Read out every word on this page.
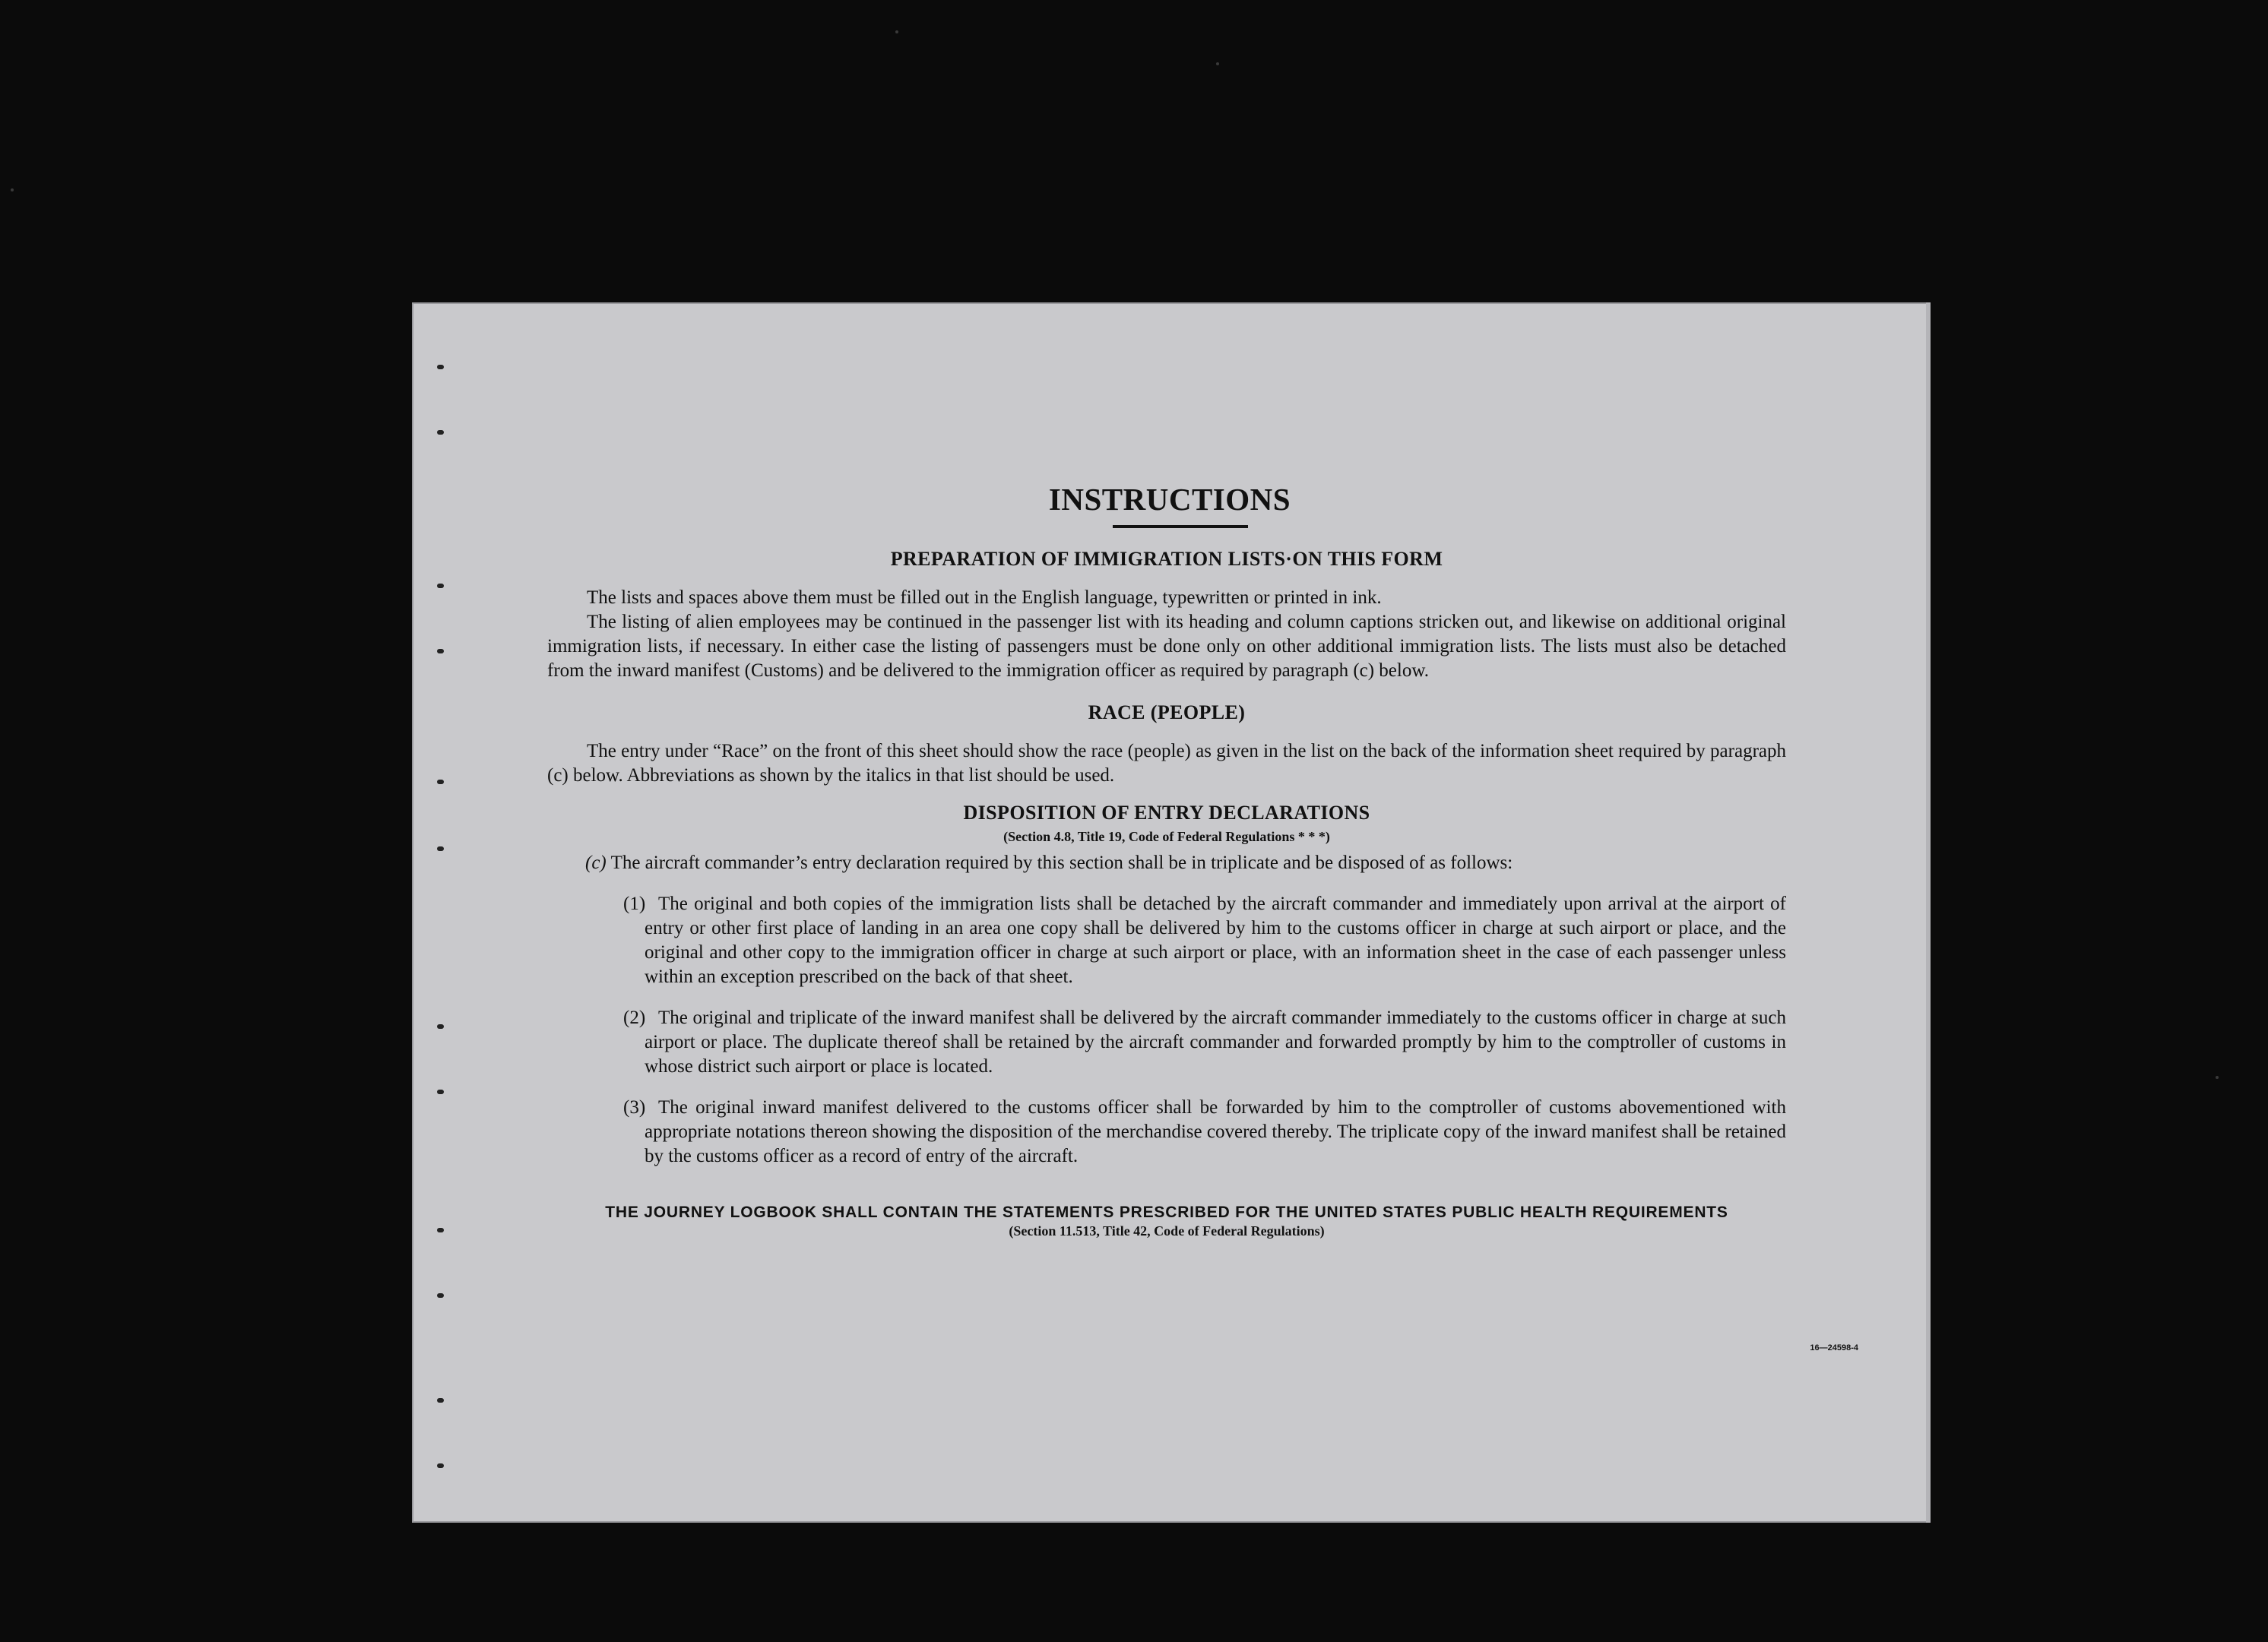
INSTRUCTIONS
PREPARATION OF IMMIGRATION LISTS·ON THIS FORM

The lists and spaces above them must be filled out in the English language, typewritten or printed in ink.

The listing of alien employees may be continued in the passenger list with its heading and column captions stricken out, and likewise on additional original immigration lists, if necessary. In either case the listing of passengers must be done only on other additional immigration lists. The lists must also be detached from the inward manifest (Customs) and be delivered to the immigration officer as required by paragraph (c) below.

RACE (PEOPLE)

The entry under “Race” on the front of this sheet should show the race (people) as given in the list on the back of the information sheet required by paragraph (c) below. Abbreviations as shown by the italics in that list should be used.

DISPOSITION OF ENTRY DECLARATIONS
(Section 4.8, Title 19, Code of Federal Regulations * * *)
(c) The aircraft commander’s entry declaration required by this section shall be in triplicate and be disposed of as follows:
(1) The original and both copies of the immigration lists shall be detached by the aircraft commander and immediately upon arrival at the airport of entry or other first place of landing in an area one copy shall be delivered by him to the customs officer in charge at such airport or place, and the original and other copy to the immigration officer in charge at such airport or place, with an information sheet in the case of each passenger unless within an exception prescribed on the back of that sheet.
(2) The original and triplicate of the inward manifest shall be delivered by the aircraft commander immediately to the customs officer in charge at such airport or place. The duplicate thereof shall be retained by the aircraft commander and forwarded promptly by him to the comptroller of customs in whose district such airport or place is located.
(3) The original inward manifest delivered to the customs officer shall be forwarded by him to the comptroller of customs abovementioned with appropriate notations thereon showing the disposition of the merchandise covered thereby. The triplicate copy of the inward manifest shall be retained by the customs officer as a record of entry of the aircraft.
THE JOURNEY LOGBOOK SHALL CONTAIN THE STATEMENTS PRESCRIBED FOR THE UNITED STATES PUBLIC HEALTH REQUIREMENTS
(Section 11.513, Title 42, Code of Federal Regulations)
16—24598-4
